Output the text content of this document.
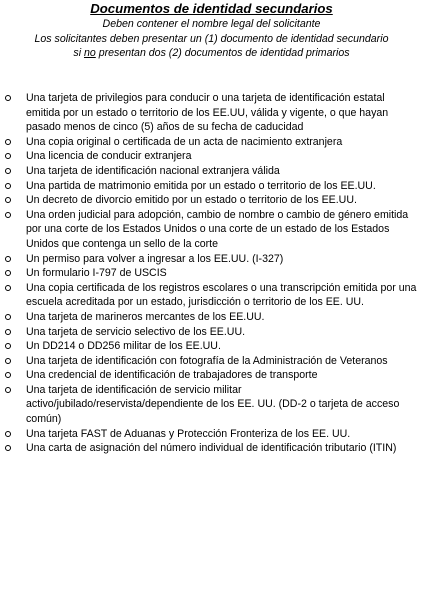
Documentos de identidad secundarios

Deben contener el nombre legal del solicitante

Los solicitantes deben presentar un (1) documento de identidad secundario

si no presentan dos (2) documentos de identidad primarios

Una tarjeta de privilegios para conducir o una tarjeta de identificación estatal emitida por un estado o territorio de los EE.UU, válida y vigente, o que hayan pasado menos de cinco (5) años de su fecha de caducidad
Una copia original o certificada de un acta de nacimiento extranjera
Una licencia de conducir extranjera
Una tarjeta de identificación nacional extranjera válida
Una partida de matrimonio emitida por un estado o territorio de los EE.UU.
Un decreto de divorcio emitido por un estado o territorio de los EE.UU.
Una orden judicial para adopción, cambio de nombre o cambio de género emitida por una corte de los Estados Unidos o una corte de un estado de los Estados Unidos que contenga un sello de la corte
Un permiso para volver a ingresar a los EE.UU. (I-327)
Un formulario I-797 de USCIS
Una copia certificada de los registros escolares o una transcripción emitida por una escuela acreditada por un estado, jurisdicción o territorio de los EE. UU.
Una tarjeta de marineros mercantes de los EE.UU.
Una tarjeta de servicio selectivo de los EE.UU.
Un DD214 o DD256 militar de los EE.UU.
Una tarjeta de identificación con fotografía de la Administración de Veteranos
Una credencial de identificación de trabajadores de transporte
Una tarjeta de identificación de servicio militar activo/jubilado/reservista/dependiente de los EE. UU. (DD-2 o tarjeta de acceso común)
Una tarjeta FAST de Aduanas y Protección Fronteriza de los EE. UU.
Una carta de asignación del número individual de identificación tributario (ITIN)
